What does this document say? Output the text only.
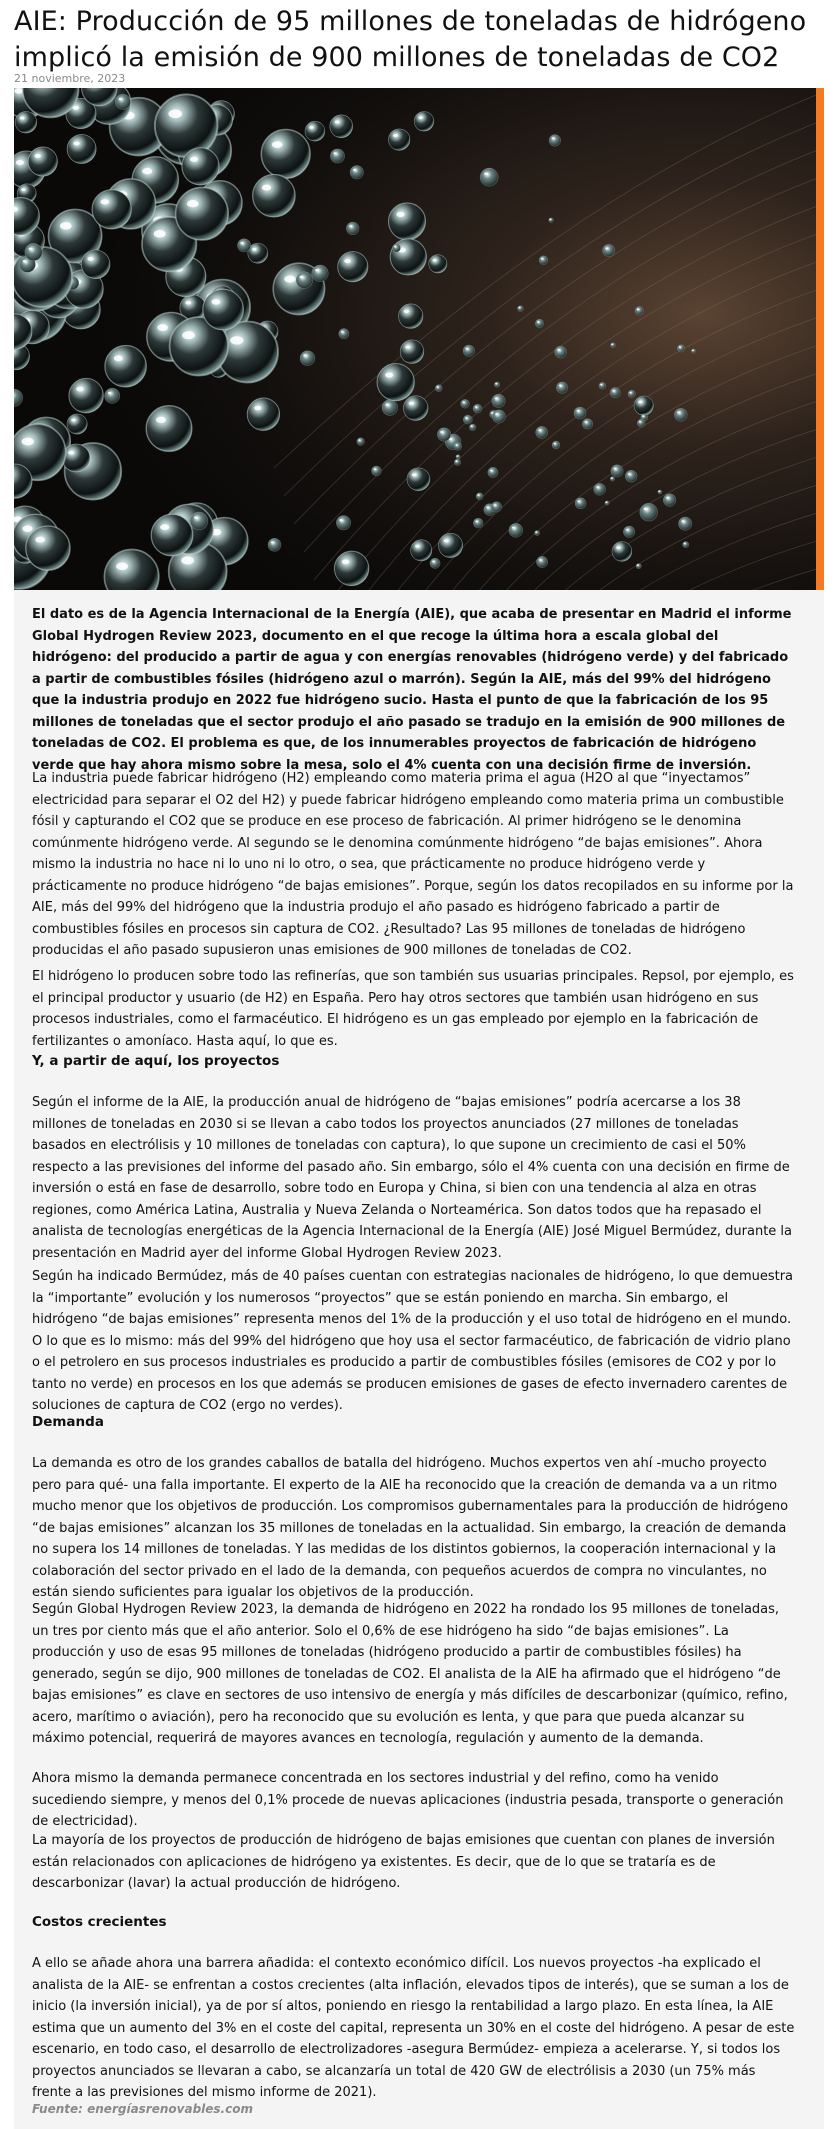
AIE: Producción de 95 millones de toneladas de hidrógeno implicó la emisión de 900 millones de toneladas de CO2
21 noviembre, 2023

El dato es de la Agencia Internacional de la Energía (AIE), que acaba de presentar en Madrid el informe Global Hydrogen Review 2023, documento en el que recoge la última hora a escala global del hidrógeno: del producido a partir de agua y con energías renovables (hidrógeno verde) y del fabricado a partir de combustibles fósiles (hidrógeno azul o marrón). Según la AIE, más del 99% del hidrógeno que la industria produjo en 2022 fue hidrógeno sucio. Hasta el punto de que la fabricación de los 95 millones de toneladas que el sector produjo el año pasado se tradujo en la emisión de 900 millones de toneladas de CO2. El problema es que, de los innumerables proyectos de fabricación de hidrógeno verde que hay ahora mismo sobre la mesa, solo el 4% cuenta con una decisión firme de inversión.

La industria puede fabricar hidrógeno (H2) empleando como materia prima el agua (H2O al que “inyectamos” electricidad para separar el O2 del H2) y puede fabricar hidrógeno empleando como materia prima un combustible fósil y capturando el CO2 que se produce en ese proceso de fabricación. Al primer hidrógeno se le denomina comúnmente hidrógeno verde. Al segundo se le denomina comúnmente hidrógeno “de bajas emisiones”. Ahora mismo la industria no hace ni lo uno ni lo otro, o sea, que prácticamente no produce hidrógeno verde y prácticamente no produce hidrógeno “de bajas emisiones”. Porque, según los datos recopilados en su informe por la AIE, más del 99% del hidrógeno que la industria produjo el año pasado es hidrógeno fabricado a partir de combustibles fósiles en procesos sin captura de CO2. ¿Resultado? Las 95 millones de toneladas de hidrógeno producidas el año pasado supusieron unas emisiones de 900 millones de toneladas de CO2.

El hidrógeno lo producen sobre todo las refinerías, que son también sus usuarias principales. Repsol, por ejemplo, es el principal productor y usuario (de H2) en España. Pero hay otros sectores que también usan hidrógeno en sus procesos industriales, como el farmacéutico. El hidrógeno es un gas empleado por ejemplo en la fabricación de fertilizantes o amoníaco. Hasta aquí, lo que es.

Y, a partir de aquí, los proyectos

Según el informe de la AIE, la producción anual de hidrógeno de “bajas emisiones” podría acercarse a los 38 millones de toneladas en 2030 si se llevan a cabo todos los proyectos anunciados (27 millones de toneladas basados en electrólisis y 10 millones de toneladas con captura), lo que supone un crecimiento de casi el 50% respecto a las previsiones del informe del pasado año. Sin embargo, sólo el 4% cuenta con una decisión en firme de inversión o está en fase de desarrollo, sobre todo en Europa y China, si bien con una tendencia al alza en otras regiones, como América Latina, Australia y Nueva Zelanda o Norteamérica. Son datos todos que ha repasado el analista de tecnologías energéticas de la Agencia Internacional de la Energía (AIE) José Miguel Bermúdez, durante la presentación en Madrid ayer del informe Global Hydrogen Review 2023.

Según ha indicado Bermúdez, más de 40 países cuentan con estrategias nacionales de hidrógeno, lo que demuestra la “importante” evolución y los numerosos “proyectos” que se están poniendo en marcha. Sin embargo, el hidrógeno “de bajas emisiones” representa menos del 1% de la producción y el uso total de hidrógeno en el mundo. O lo que es lo mismo: más del 99% del hidrógeno que hoy usa el sector farmacéutico, de fabricación de vidrio plano o el petrolero en sus procesos industriales es producido a partir de combustibles fósiles (emisores de CO2 y por lo tanto no verde) en procesos en los que además se producen emisiones de gases de efecto invernadero carentes de soluciones de captura de CO2 (ergo no verdes).

Demanda

La demanda es otro de los grandes caballos de batalla del hidrógeno. Muchos expertos ven ahí -mucho proyecto pero para qué- una falla importante. El experto de la AIE ha reconocido que la creación de demanda va a un ritmo mucho menor que los objetivos de producción. Los compromisos gubernamentales para la producción de hidrógeno “de bajas emisiones” alcanzan los 35 millones de toneladas en la actualidad. Sin embargo, la creación de demanda no supera los 14 millones de toneladas. Y las medidas de los distintos gobiernos, la cooperación internacional y la colaboración del sector privado en el lado de la demanda, con pequeños acuerdos de compra no vinculantes, no están siendo suficientes para igualar los objetivos de la producción.

Según Global Hydrogen Review 2023, la demanda de hidrógeno en 2022 ha rondado los 95 millones de toneladas, un tres por ciento más que el año anterior. Solo el 0,6% de ese hidrógeno ha sido “de bajas emisiones”. La producción y uso de esas 95 millones de toneladas (hidrógeno producido a partir de combustibles fósiles) ha generado, según se dijo, 900 millones de toneladas de CO2. El analista de la AIE ha afirmado que el hidrógeno “de bajas emisiones” es clave en sectores de uso intensivo de energía y más difíciles de descarbonizar (químico, refino, acero, marítimo o aviación), pero ha reconocido que su evolución es lenta, y que para que pueda alcanzar su máximo potencial, requerirá de mayores avances en tecnología, regulación y aumento de la demanda.

Ahora mismo la demanda permanece concentrada en los sectores industrial y del refino, como ha venido sucediendo siempre, y menos del 0,1% procede de nuevas aplicaciones (industria pesada, transporte o generación de electricidad).

La mayoría de los proyectos de producción de hidrógeno de bajas emisiones que cuentan con planes de inversión están relacionados con aplicaciones de hidrógeno ya existentes. Es decir, que de lo que se trataría es de descarbonizar (lavar) la actual producción de hidrógeno.

Costos crecientes

A ello se añade ahora una barrera añadida: el contexto económico difícil. Los nuevos proyectos -ha explicado el analista de la AIE- se enfrentan a costos crecientes (alta inflación, elevados tipos de interés), que se suman a los de inicio (la inversión inicial), ya de por sí altos, poniendo en riesgo la rentabilidad a largo plazo. En esta línea, la AIE estima que un aumento del 3% en el coste del capital, representa un 30% en el coste del hidrógeno. A pesar de este escenario, en todo caso, el desarrollo de electrolizadores -asegura Bermúdez- empieza a acelerarse. Y, si todos los proyectos anunciados se llevaran a cabo, se alcanzaría un total de 420 GW de electrólisis a 2030 (un 75% más frente a las previsiones del mismo informe de 2021).

Fuente: energíasrenovables.com
